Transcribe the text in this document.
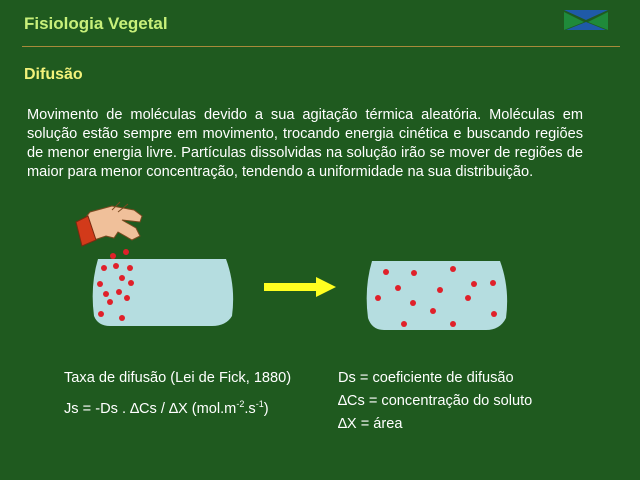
Fisiologia Vegetal
Difusão
Movimento de moléculas devido a sua agitação térmica aleatória. Moléculas em solução estão sempre em movimento, trocando energia cinética e buscando regiões de menor energia livre. Partículas dissolvidas na solução irão se mover de regiões de maior para menor concentração, tendendo a uniformidade na sua distribuição.
Taxa de difusão (Lei de Fick, 1880)
Js = -Ds . ∆Cs / ∆X $(mol.m^{-2}.s^{-1})$
Ds = coeficiente de difusão
∆Cs = concentração do soluto
∆X = área
